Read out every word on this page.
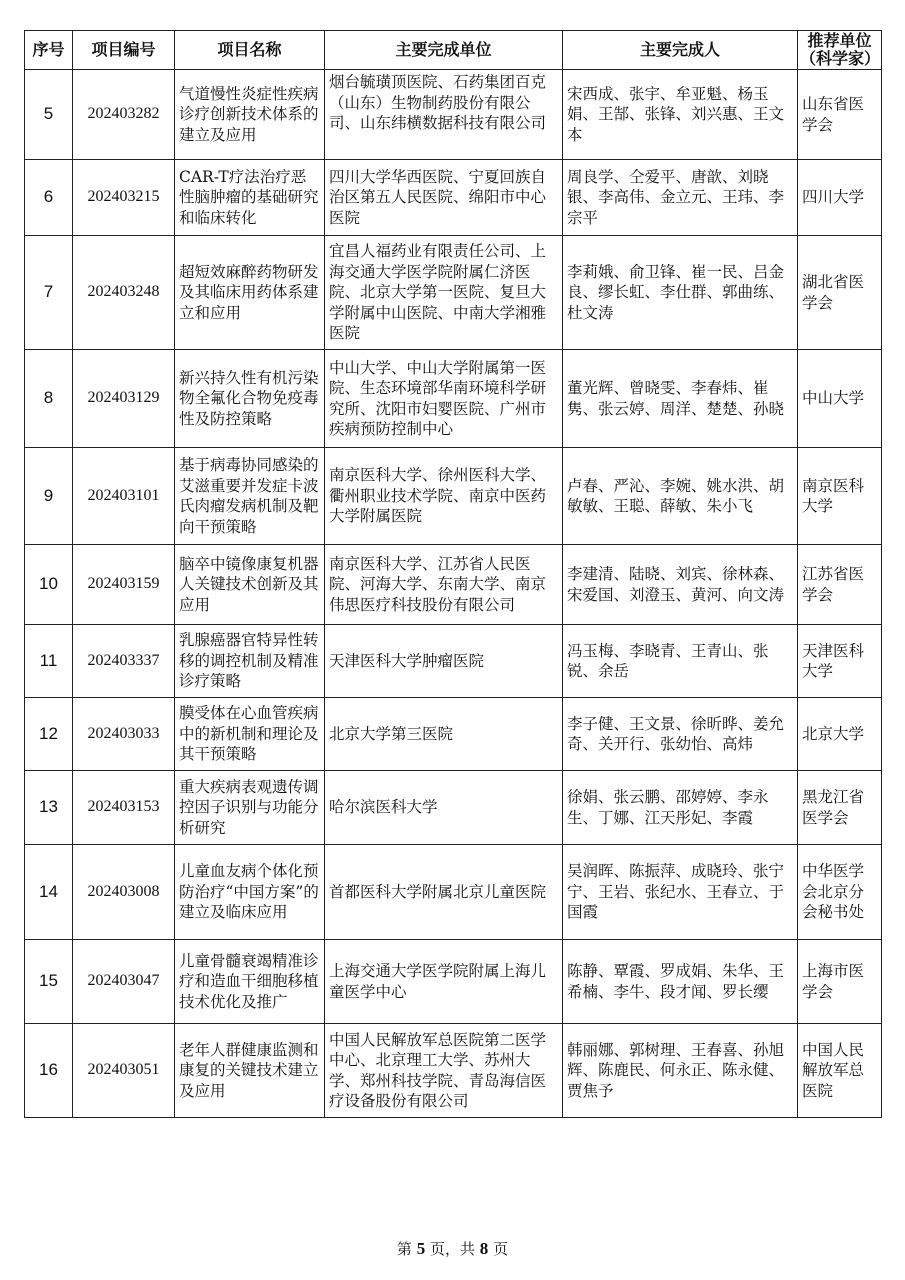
序号	项目编号	项目名称	主要完成单位	主要完成人	推荐单位（科学家）
5	202403282	气道慢性炎症性疾病诊疗创新技术体系的建立及应用	烟台毓璜顶医院、石药集团百克（山东）生物制药股份有限公司、山东纬横数据科技有限公司	宋西成、张宇、牟亚魁、杨玉娟、王郜、张锋、刘兴惠、王文本	山东省医学会
6	202403215	CAR-T疗法治疗恶性脑肿瘤的基础研究和临床转化	四川大学华西医院、宁夏回族自治区第五人民医院、绵阳市中心医院	周良学、仝爱平、唐歆、刘晓银、李高伟、金立元、王玮、李宗平	四川大学
7	202403248	超短效麻醉药物研发及其临床用药体系建立和应用	宜昌人福药业有限责任公司、上海交通大学医学院附属仁济医院、北京大学第一医院、复旦大学附属中山医院、中南大学湘雅医院	李莉娥、俞卫锋、崔一民、吕金良、缪长虹、李仕群、郭曲练、杜文涛	湖北省医学会
8	202403129	新兴持久性有机污染物全氟化合物免疫毒性及防控策略	中山大学、中山大学附属第一医院、生态环境部华南环境科学研究所、沈阳市妇婴医院、广州市疾病预防控制中心	董光辉、曾晓雯、李春炜、崔隽、张云婷、周洋、楚楚、孙晓	中山大学
9	202403101	基于病毒协同感染的艾滋重要并发症卡波氏肉瘤发病机制及靶向干预策略	南京医科大学、徐州医科大学、衢州职业技术学院、南京中医药大学附属医院	卢春、严沁、李婉、姚水洪、胡敏敏、王聪、薛敏、朱小飞	南京医科大学
10	202403159	脑卒中镜像康复机器人关键技术创新及其应用	南京医科大学、江苏省人民医院、河海大学、东南大学、南京伟思医疗科技股份有限公司	李建清、陆晓、刘宾、徐林森、宋爱国、刘澄玉、黄河、向文涛	江苏省医学会
11	202403337	乳腺癌器官特异性转移的调控机制及精准诊疗策略	天津医科大学肿瘤医院	冯玉梅、李晓青、王青山、张锐、余岳	天津医科大学
12	202403033	膜受体在心血管疾病中的新机制和理论及其干预策略	北京大学第三医院	李子健、王文景、徐昕晔、姜允奇、关开行、张幼怡、高炜	北京大学
13	202403153	重大疾病表观遗传调控因子识别与功能分析研究	哈尔滨医科大学	徐娟、张云鹏、邵婷婷、李永生、丁娜、江天彤妃、李霞	黑龙江省医学会
14	202403008	儿童血友病个体化预防治疗“中国方案”的建立及临床应用	首都医科大学附属北京儿童医院	吴润晖、陈振萍、成晓玲、张宁宁、王岩、张纪水、王春立、于国霞	中华医学会北京分会秘书处
15	202403047	儿童骨髓衰竭精准诊疗和造血干细胞移植技术优化及推广	上海交通大学医学院附属上海儿童医学中心	陈静、覃霞、罗成娟、朱华、王希楠、李牛、段才闻、罗长缨	上海市医学会
16	202403051	老年人群健康监测和康复的关键技术建立及应用	中国人民解放军总医院第二医学中心、北京理工大学、苏州大学、郑州科技学院、青岛海信医疗设备股份有限公司	韩丽娜、郭树理、王春喜、孙旭辉、陈鹿民、何永正、陈永健、贾焦予	中国人民解放军总医院
第 5 页，共 8 页
